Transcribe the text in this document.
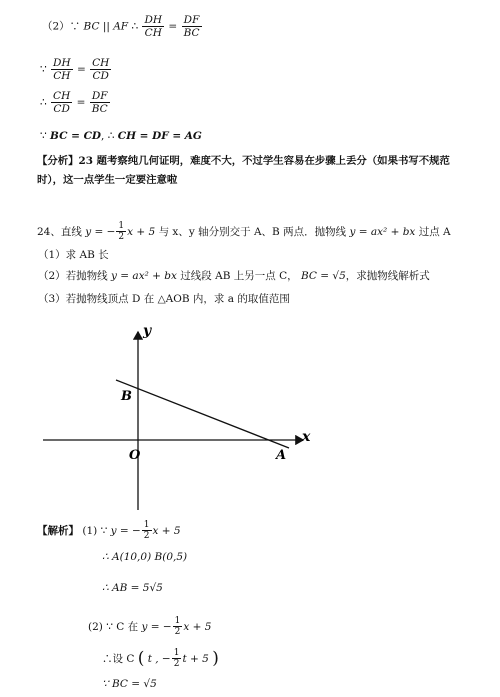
（2）∵ BC || AF ∴ $\frac{DH}{CH} = \frac{DF}{BC}$
∵ $\frac{DH}{CH} = \frac{CH}{CD}$
∴ $\frac{CH}{CD} = \frac{DF}{BC}$
∵ BC = CD, ∴ CH = DF = AG
【分析】23 题考察纯几何证明，难度不大，不过学生容易在步骤上丢分（如果书写不规范
时），这一点学生一定要注意啦
24、直线 y = − $\frac{1}{2}$ x + 5 与 x、y 轴分别交于 A、B 两点．抛物线 y = ax² + bx 过点 A
（1）求 AB 长
（2）若抛物线 y = ax² + bx 过线段 AB 上另一点 C， BC = √5，求抛物线解析式
（3）若抛物线顶点 D 在 △AOB 内，求 a 的取值范围
y
x
B
O	A
【解析】 (1) ∵ y = − $\frac{1}{2}$ x + 5
∴ A(10,0) B(0,5)
∴ AB = 5√5
(2) ∵ C 在 y = − $\frac{1}{2}$ x + 5
∴设 C ( t , − $\frac{1}{2}$ t + 5 )
∵ BC = √5
